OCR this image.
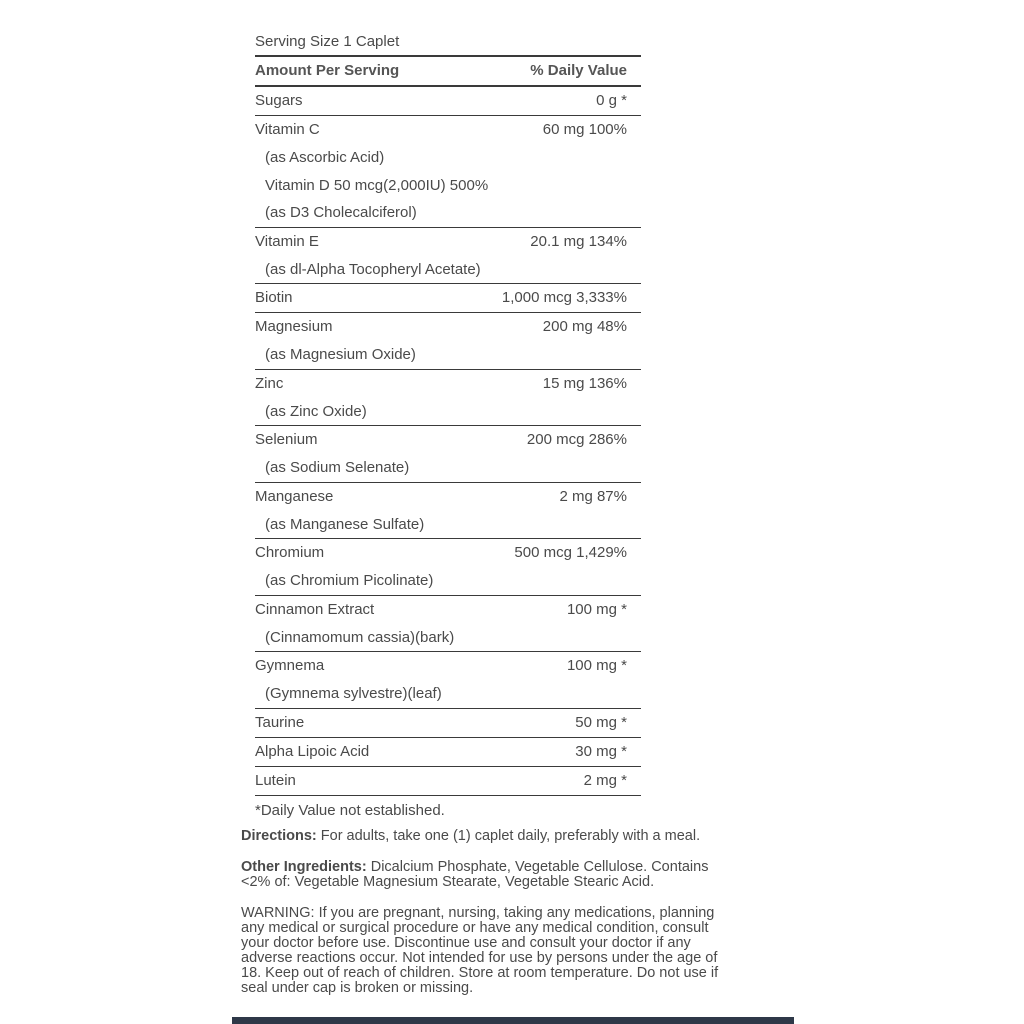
Serving Size 1 Caplet
Amount Per Serving	% Daily Value
Sugars	0 g *
Vitamin C	60 mg 100%
(as Ascorbic Acid)
Vitamin D 50 mcg(2,000IU) 500%
(as D3 Cholecalciferol)
Vitamin E	20.1 mg 134%
(as dl-Alpha Tocopheryl Acetate)
Biotin	1,000 mcg 3,333%
Magnesium	200 mg 48%
(as Magnesium Oxide)
Zinc	15 mg 136%
(as Zinc Oxide)
Selenium	200 mcg 286%
(as Sodium Selenate)
Manganese	2 mg 87%
(as Manganese Sulfate)
Chromium	500 mcg 1,429%
(as Chromium Picolinate)
Cinnamon Extract	100 mg *
(Cinnamomum cassia)(bark)
Gymnema	100 mg *
(Gymnema sylvestre)(leaf)
Taurine	50 mg *
Alpha Lipoic Acid	30 mg *
Lutein	2 mg *
*Daily Value not established.
Directions: For adults, take one (1) caplet daily, preferably with a meal.
Other Ingredients: Dicalcium Phosphate, Vegetable Cellulose. Contains
<2% of: Vegetable Magnesium Stearate, Vegetable Stearic Acid.
WARNING: If you are pregnant, nursing, taking any medications, planning
any medical or surgical procedure or have any medical condition, consult
your doctor before use. Discontinue use and consult your doctor if any
adverse reactions occur. Not intended for use by persons under the age of
18. Keep out of reach of children. Store at room temperature. Do not use if
seal under cap is broken or missing.
